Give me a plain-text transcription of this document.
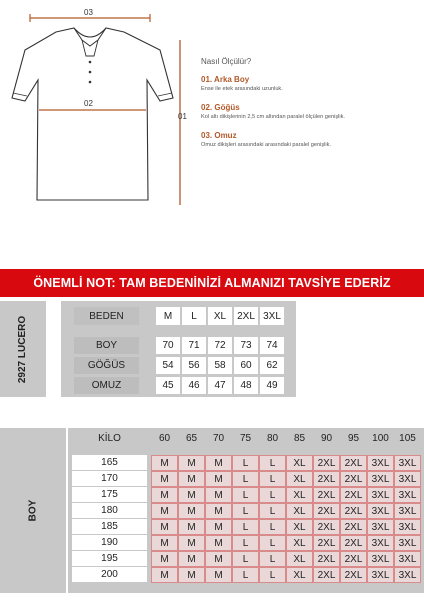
03
02
01
Nasıl Ölçülür?
01. Arka Boy
Ense ile etek arasındaki uzunluk.
02. Göğüs
Kol altı dikişlerinin 2,5 cm altından paralel ölçülen genişlik.
03. Omuz
Omuz dikişleri arasındaki arasındaki paralel genişlik.
ÖNEMLİ NOT: TAM BEDENİNİZİ ALMANIZI TAVSİYE EDERİZ
2927 LUCERO	BEDEN	M	L	XL	2XL 3XL
BOY	70	71	72	73	74
GÖĞÜS	54	56	58	60	62
OMUZ	45	46	47	48	49
BOY
KİLO	60	65	70	75	80	85	90	95	100	105
165	M	M	M	L	L	XL	2XL 2XL 3XL 3XL
170	M	M	M	L	L	XL	2XL 2XL 3XL 3XL
175	M	M	M	L	L	XL	2XL 2XL 3XL 3XL
180	M	M	M	L	L	XL	2XL 2XL 3XL 3XL
185	M	M	M	L	L	XL	2XL 2XL 3XL 3XL
190	M	M	M	L	L	XL	2XL 2XL 3XL 3XL
195	M	M	M	L	L	XL	2XL 2XL 3XL 3XL
200	M	M	M	L	L	XL	2XL 2XL 3XL 3XL
